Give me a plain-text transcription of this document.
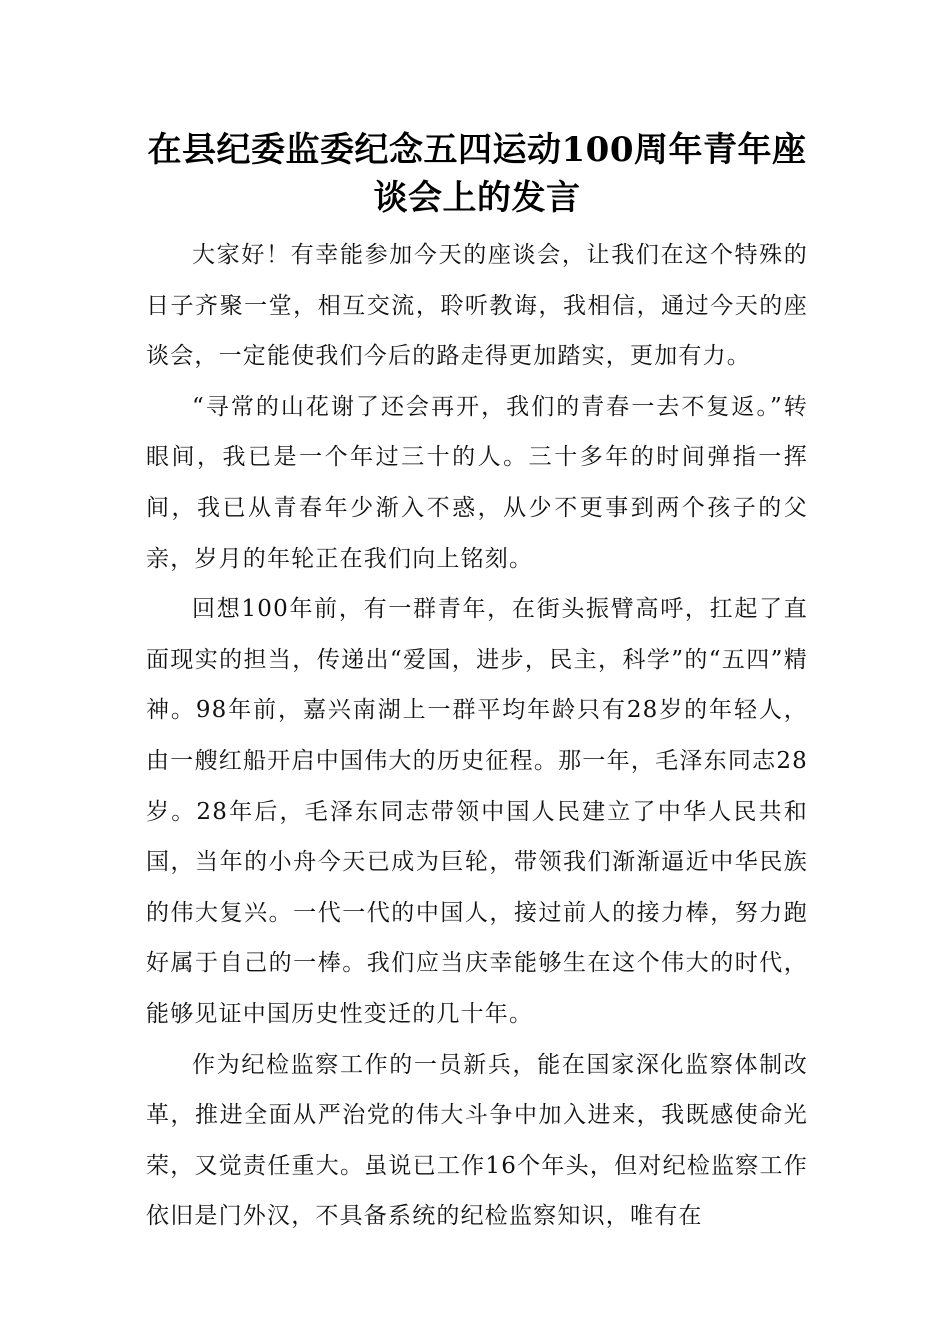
在县纪委监委纪念五四运动100周年青年座谈会上的发言

大家好！有幸能参加今天的座谈会，让我们在这个特殊的日子齐聚一堂，相互交流，聆听教诲，我相信，通过今天的座谈会，一定能使我们今后的路走得更加踏实，更加有力。

“寻常的山花谢了还会再开，我们的青春一去不复返。”转眼间，我已是一个年过三十的人。三十多年的时间弹指一挥间，我已从青春年少渐入不惑，从少不更事到两个孩子的父亲，岁月的年轮正在我们向上铭刻。

回想100年前，有一群青年，在街头振臂高呼，扛起了直面现实的担当，传递出“爱国，进步，民主，科学”的“五四”精神。98年前，嘉兴南湖上一群平均年龄只有28岁的年轻人，由一艘红船开启中国伟大的历史征程。那一年，毛泽东同志28岁。28年后，毛泽东同志带领中国人民建立了中华人民共和国，当年的小舟今天已成为巨轮，带领我们渐渐逼近中华民族的伟大复兴。一代一代的中国人，接过前人的接力棒，努力跑好属于自己的一棒。我们应当庆幸能够生在这个伟大的时代，能够见证中国历史性变迁的几十年。

作为纪检监察工作的一员新兵，能在国家深化监察体制改革，推进全面从严治党的伟大斗争中加入进来，我既感使命光荣，又觉责任重大。虽说已工作16个年头，但对纪检监察工作依旧是门外汉，不具备系统的纪检监察知识，唯有在
